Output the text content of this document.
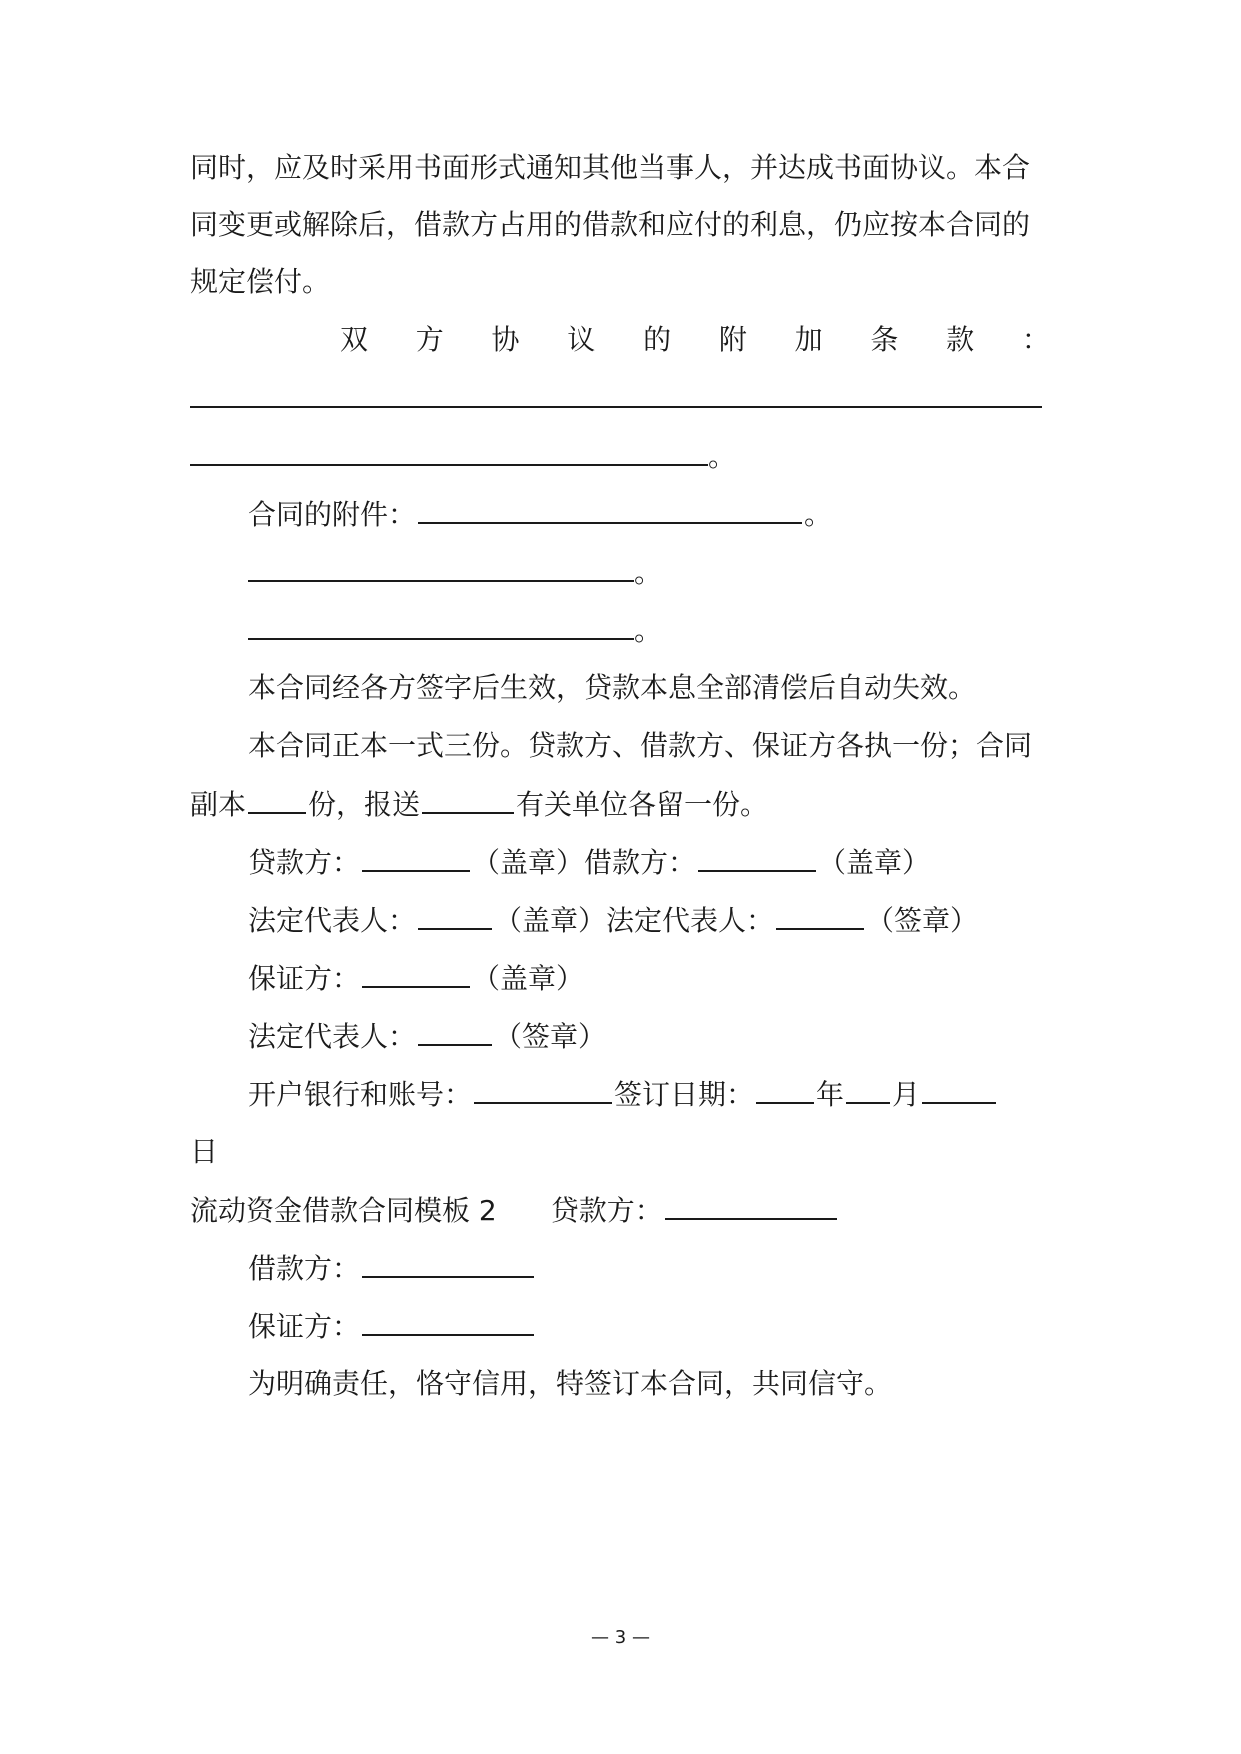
同时，应及时采用书面形式通知其他当事人，并达成书面协议。本合
同变更或解除后，借款方占用的借款和应付的利息，仍应按本合同的
规定偿付。
双 方 协 议 的 附 加 条 款 ：
。
合同的附件：	。
。
。
本合同经各方签字后生效，贷款本息全部清偿后自动失效。
本合同正本一式三份。贷款方、借款方、保证方各执一份；合同
副本 份，报送	有关单位各留一份。
贷款方：	（盖章）借款方：	（盖章）
法定代表人：	（盖章）法定代表人：	（签章）
保证方：	（盖章）
法定代表人：	（签章）
开户银行和账号：	签订日期： 年 月
日
流动资金借款合同模板 2 贷款方：
借款方：
保证方：
为明确责任，恪守信用，特签订本合同，共同信守。
— 3 —
